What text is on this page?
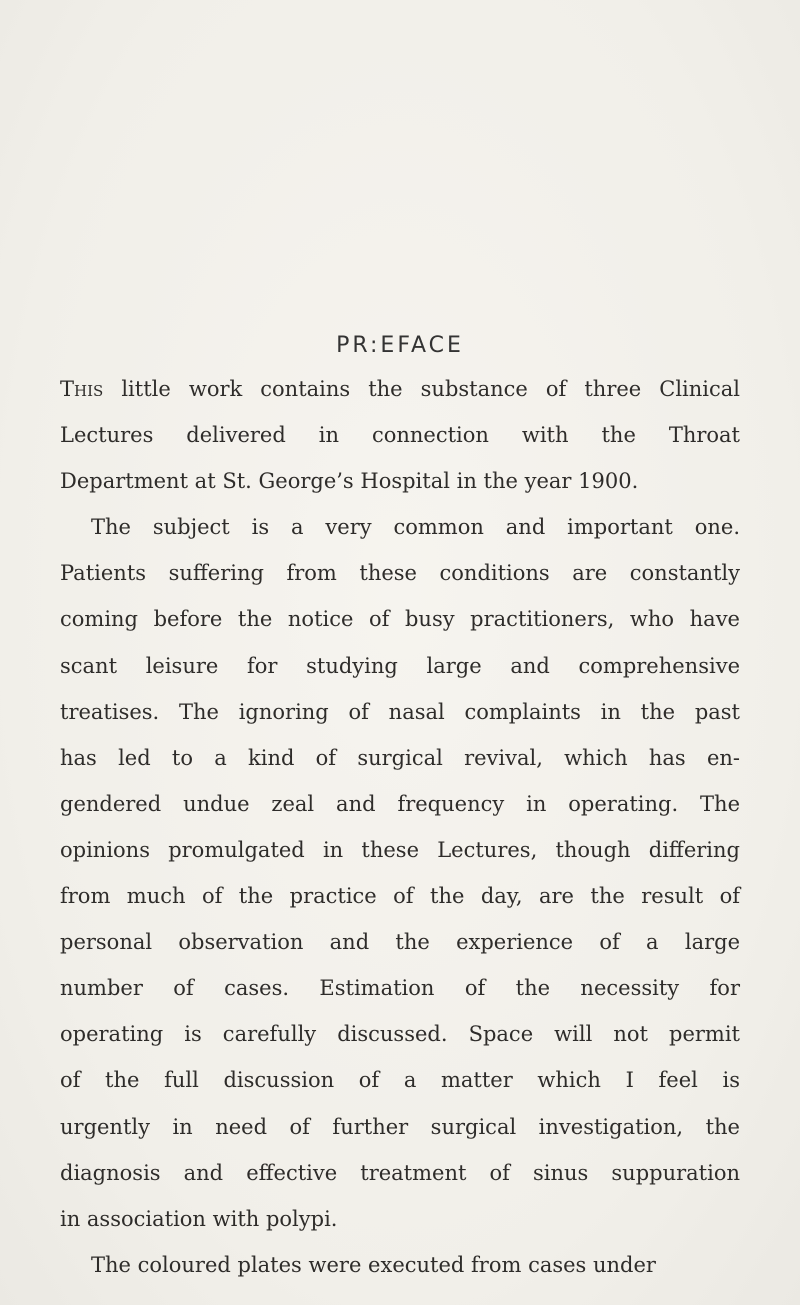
PR:EFACE
This little work contains the substance of three Clinical
Lectures delivered in connection with the Throat
Department at St. George’s Hospital in the year 1900.
The subject is a very common and important one.
Patients suffering from these conditions are constantly
coming before the notice of busy practitioners, who have
scant leisure for studying large and comprehensive
treatises. The ignoring of nasal complaints in the past
has led to a kind of surgical revival, which has en-
gendered undue zeal and frequency in operating. The
opinions promulgated in these Lectures, though differing
from much of the practice of the day, are the result of
personal observation and the experience of a large
number of cases. Estimation of the necessity for
operating is carefully discussed. Space will not permit
of the full discussion of a matter which I feel is
urgently in need of further surgical investigation, the
diagnosis and effective treatment of sinus suppuration
in association with polypi.
The coloured plates were executed from cases under
